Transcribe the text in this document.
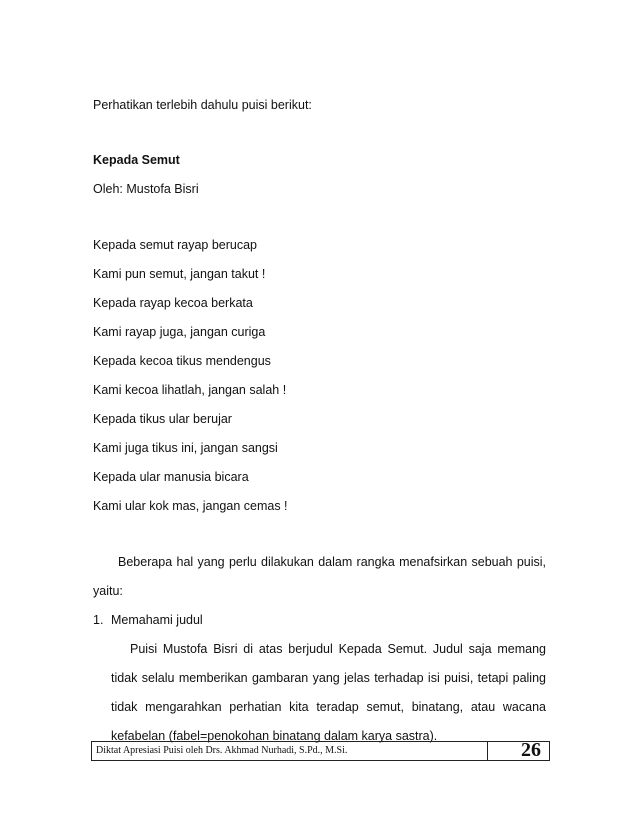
Perhatikan terlebih dahulu puisi berikut:
Kepada Semut
Oleh: Mustofa Bisri
Kepada semut rayap berucap
Kami pun semut, jangan takut !
Kepada rayap kecoa berkata
Kami rayap juga, jangan curiga
Kepada kecoa tikus mendengus
Kami kecoa lihatlah, jangan salah !
Kepada tikus ular berujar
Kami juga tikus ini, jangan sangsi
Kepada ular manusia bicara
Kami ular kok mas, jangan cemas !
Beberapa hal yang perlu dilakukan dalam rangka menafsirkan sebuah puisi,
yaitu:
1. Memahami judul
Puisi Mustofa Bisri di atas berjudul Kepada Semut. Judul saja memang
tidak selalu memberikan gambaran yang jelas terhadap isi puisi, tetapi paling
tidak mengarahkan perhatian kita teradap semut, binatang, atau wacana
kefabelan (fabel=penokohan binatang dalam karya sastra).
Diktat Apresiasi Puisi oleh Drs. Akhmad Nurhadi, S.Pd., M.Si.	26
